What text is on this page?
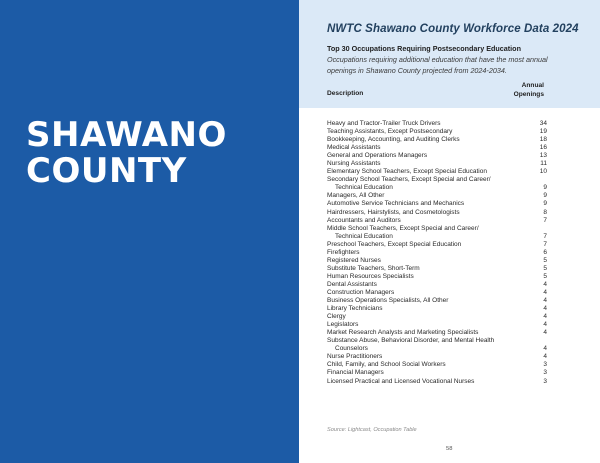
SHAWANO
COUNTY
NWTC Shawano County Workforce Data 2024
Top 30 Occupations Requiring Postsecondary Education
Occupations requiring additional education that have the most annual openings in Shawano County projected from 2024-2034.
Description
Annual
Openings
Heavy and Tractor-Trailer Truck Drivers	34
Teaching Assistants, Except Postsecondary	19
Bookkeeping, Accounting, and Auditing Clerks	18
Medical Assistants	16
General and Operations Managers	13
Nursing Assistants	11
Elementary School Teachers, Except Special Education	10
Secondary School Teachers, Except Special and Career/
Technical Education	9
Managers, All Other	9
Automotive Service Technicians and Mechanics	9
Hairdressers, Hairstylists, and Cosmetologists	8
Accountants and Auditors	7
Middle School Teachers, Except Special and Career/
Technical Education	7
Preschool Teachers, Except Special Education	7
Firefighters	6
Registered Nurses	5
Substitute Teachers, Short-Term	5
Human Resources Specialists	5
Dental Assistants	4
Construction Managers	4
Business Operations Specialists, All Other	4
Library Technicians	4
Clergy	4
Legislators	4
Market Research Analysts and Marketing Specialists	4
Substance Abuse, Behavioral Disorder, and Mental Health
Counselors	4
Nurse Practitioners	4
Child, Family, and School Social Workers	3
Financial Managers	3
Licensed Practical and Licensed Vocational Nurses	3
Source: Lightcast, Occupation Table
58
